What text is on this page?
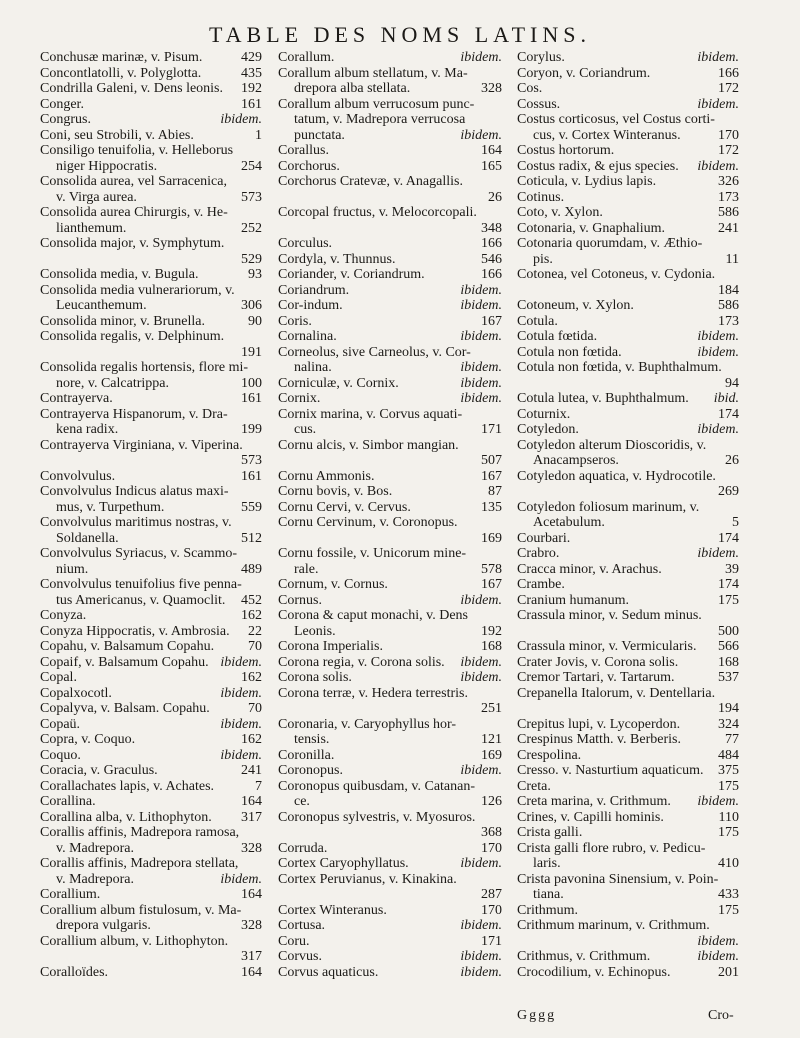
TABLE DES NOMS LATINS.
429
Conchusæ marinæ, v. Pisum.
435
Concontlatolli, v. Polyglotta.
192
Condrilla Galeni, v. Dens leonis.
161
Conger.
ibidem.
Congrus.
1
Coni, seu Strobili, v. Abies.
Consiligo tenuifolia, v. Helleborus
254
niger Hippocratis.
Consolida aurea, vel Sarracenica,
573
v. Virga aurea.
Consolida aurea Chirurgis, v. He-
252
lianthemum.
Consolida major, v. Symphytum.
529
93
Consolida media, v. Bugula.
Consolida media vulnerariorum, v.
306
Leucanthemum.
90
Consolida minor, v. Brunella.
Consolida regalis, v. Delphinum.
191
Consolida regalis hortensis, flore mi-
100
nore, v. Calcatrippa.
161
Contrayerva.
Contrayerva Hispanorum, v. Dra-
199
kena radix.
Contrayerva Virginiana, v. Viperina.
573
161
Convolvulus.
Convolvulus Indicus alatus maxi-
559
mus, v. Turpethum.
Convolvulus maritimus nostras, v.
512
Soldanella.
Convolvulus Syriacus, v. Scammo-
489
nium.
Convolvulus tenuifolius five penna-
452
tus Americanus, v. Quamoclit.
162
Conyza.
22
Conyza Hippocratis, v. Ambrosia.
70
Copahu, v. Balsamum Copahu.
ibidem.
Copaif, v. Balsamum Copahu.
162
Copal.
ibidem.
Copalxocotl.
70
Copalyva, v. Balsam. Copahu.
ibidem.
Copaü.
162
Copra, v. Coquo.
ibidem.
Coquo.
241
Coracia, v. Graculus.
7
Corallachates lapis, v. Achates.
164
Corallina.
317
Corallina alba, v. Lithophyton.
Corallis affinis, Madrepora ramosa,
328
v. Madrepora.
Corallis affinis, Madrepora stellata,
ibidem.
v. Madrepora.
164
Corallium.
Corallium album fistulosum, v. Ma-
328
drepora vulgaris.
Corallium album, v. Lithophyton.
317
164
Coralloïdes.
ibidem.
Corallum.
Corallum album stellatum, v. Ma-
328
drepora alba stellata.
Corallum album verrucosum punc-
tatum, v. Madrepora verrucosa
ibidem.
punctata.
164
Corallus.
165
Corchorus.
Corchorus Cratevæ, v. Anagallis.
26
Corcopal fructus, v. Melocorcopali.
348
166
Corculus.
546
Cordyla, v. Thunnus.
166
Coriander, v. Coriandrum.
ibidem.
Coriandrum.
ibidem.
Cor-indum.
167
Coris.
ibidem.
Cornalina.
Corneolus, sive Carneolus, v. Cor-
ibidem.
nalina.
ibidem.
Corniculæ, v. Cornix.
ibidem.
Cornix.
Cornix marina, v. Corvus aquati-
171
cus.
Cornu alcis, v. Simbor mangian.
507
167
Cornu Ammonis.
87
Cornu bovis, v. Bos.
135
Cornu Cervi, v. Cervus.
Cornu Cervinum, v. Coronopus.
169
Cornu fossile, v. Unicorum mine-
578
rale.
167
Cornum, v. Cornus.
ibidem.
Cornus.
Corona & caput monachi, v. Dens
192
Leonis.
168
Corona Imperialis.
ibidem.
Corona regia, v. Corona solis.
ibidem.
Corona solis.
Corona terræ, v. Hedera terrestris.
251
Coronaria, v. Caryophyllus hor-
121
tensis.
169
Coronilla.
ibidem.
Coronopus.
Coronopus quibusdam, v. Catanan-
126
ce.
Coronopus sylvestris, v. Myosuros.
368
170
Corruda.
ibidem.
Cortex Caryophyllatus.
Cortex Peruvianus, v. Kinakina.
287
170
Cortex Winteranus.
ibidem.
Cortusa.
171
Coru.
ibidem.
Corvus.
ibidem.
Corvus aquaticus.
ibidem.
Corylus.
166
Coryon, v. Coriandrum.
172
Cos.
ibidem.
Cossus.
Costus corticosus, vel Costus corti-
170
cus, v. Cortex Winteranus.
172
Costus hortorum.
ibidem.
Costus radix, & ejus species.
326
Coticula, v. Lydius lapis.
173
Cotinus.
586
Coto, v. Xylon.
241
Cotonaria, v. Gnaphalium.
Cotonaria quorumdam, v. Æthio-
11
pis.
Cotonea, vel Cotoneus, v. Cydonia.
184
586
Cotoneum, v. Xylon.
173
Cotula.
ibidem.
Cotula fœtida.
ibidem.
Cotula non fœtida.
Cotula non fœtida, v. Buphthalmum.
94
ibid.
Cotula lutea, v. Buphthalmum.
174
Coturnix.
ibidem.
Cotyledon.
Cotyledon alterum Dioscoridis, v.
26
Anacampseros.
Cotyledon aquatica, v. Hydrocotile.
269
Cotyledon foliosum marinum, v.
5
Acetabulum.
174
Courbari.
ibidem.
Crabro.
39
Cracca minor, v. Arachus.
174
Crambe.
175
Cranium humanum.
Crassula minor, v. Sedum minus.
500
566
Crassula minor, v. Vermicularis.
168
Crater Jovis, v. Corona solis.
537
Cremor Tartari, v. Tartarum.
Crepanella Italorum, v. Dentellaria.
194
324
Crepitus lupi, v. Lycoperdon.
77
Crespinus Matth. v. Berberis.
484
Crespolina.
375
Cresso. v. Nasturtium aquaticum.
175
Creta.
ibidem.
Creta marina, v. Crithmum.
110
Crines, v. Capilli hominis.
175
Crista galli.
Crista galli flore rubro, v. Pedicu-
410
laris.
Crista pavonina Sinensium, v. Poin-
433
tiana.
175
Crithmum.
Crithmum marinum, v. Crithmum.
ibidem.
ibidem.
Crithmus, v. Crithmum.
201
Crocodilium, v. Echinopus.
Gggg	Cro-
